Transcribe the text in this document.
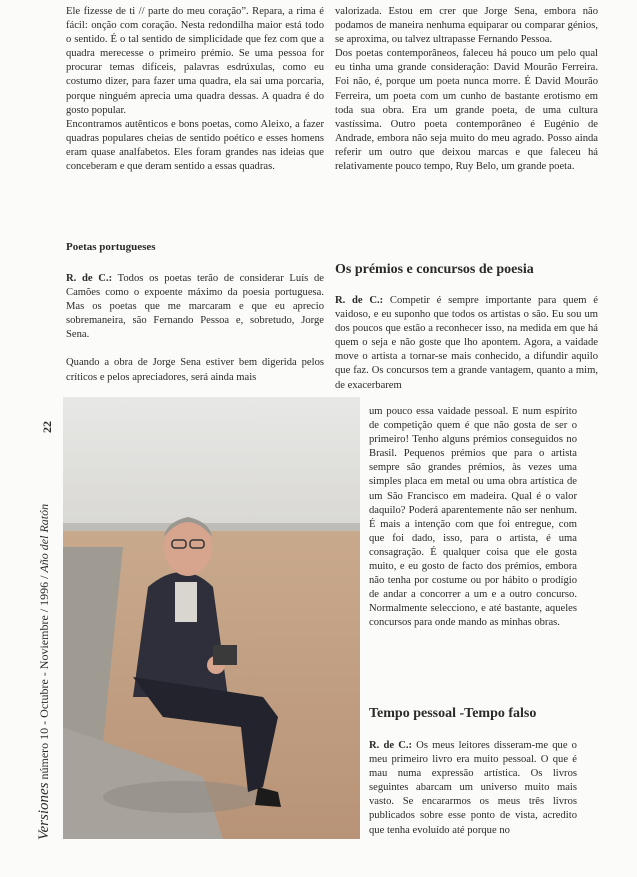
Ele fizesse de ti // parte do meu coração”. Repara, a rima é fácil: onção com coração. Nesta redondilha maior está todo o sentido. É o tal sentido de simplicidade que fez com que a quadra merecesse o primeiro prémio. Se uma pessoa for procurar temas difíceis, palavras esdrúxulas, como eu costumo dizer, para fazer uma quadra, ela sai uma porcaria, porque ninguém aprecia uma quadra dessas. A quadra é do gosto popular.

Encontramos autênticos e bons poetas, como Aleixo, a fazer quadras populares cheias de sentido poético e esses homens eram quase analfabetos. Eles foram grandes nas ideias que conceberam e que deram sentido a essas quadras.

Poetas portugueses

R. de C.: Todos os poetas terão de considerar Luís de Camões como o expoente máximo da poesia portuguesa. Mas os poetas que me marcaram e que eu aprecio sobremaneira, são Fernando Pessoa e, sobretudo, Jorge Sena.

Quando a obra de Jorge Sena estiver bem digerida pelos críticos e pelos apreciadores, será ainda mais

valorizada. Estou em crer que Jorge Sena, embora não podamos de maneira nenhuma equiparar ou comparar génios, se aproxima, ou talvez ultrapasse Fernando Pessoa.

Dos poetas contemporâneos, faleceu há pouco um pelo qual eu tinha uma grande consideração: David Mourão Ferreira. Foi não, é, porque um poeta nunca morre. É David Mourão Ferreira, um poeta com um cunho de bastante erotismo em toda sua obra. Era um grande poeta, de uma cultura vastíssima. Outro poeta contemporâneo é Eugénio de Andrade, embora não seja muito do meu agrado. Posso ainda referir um outro que deixou marcas e que faleceu há relativamente pouco tempo, Ruy Belo, um grande poeta.

Os prémios e concursos de poesia

R. de C.: Competir é sempre importante para quem é vaidoso, e eu suponho que todos os artistas o são. Eu sou um dos poucos que estão a reconhecer isso, na medida em que há quem o seja e não goste que lho apontem. Agora, a vaidade move o artista a tornar-se mais conhecido, a difundir aquilo que faz. Os concursos tem a grande vantagem, quanto a mim, de exacerbarem

um pouco essa vaidade pessoal. E num espírito de competição quem é que não gosta de ser o primeiro! Tenho alguns prémios conseguidos no Brasil. Pequenos prémios que para o artista sempre são grandes prémios, às vezes uma simples placa em metal ou uma obra artística de um São Francisco em madeira. Qual é o valor daquilo? Poderá aparentemente não ser nenhum. É mais a intenção com que foi entregue, com que foi dado, isso, para o artista, é uma consagração. É qualquer coisa que ele gosta muito, e eu gosto de facto dos prémios, embora não tenha por costume ou por hábito o prodígio de andar a concorrer a um e a outro concurso. Normalmente selecciono, e até bastante, aqueles concursos para onde mando as minhas obras.

Tempo pessoal -Tempo falso

R. de C.: Os meus leitores disseram-me que o meu primeiro livro era muito pessoal. O que é mau numa expressão artística. Os livros seguintes abarcam um universo muito mais vasto. Se encararmos os meus três livros publicados sobre esse ponto de vista, acredito que tenha evoluído até porque no

22
Versiones número 10 - Octubre - Noviembre / 1996 / Año del Ratón
